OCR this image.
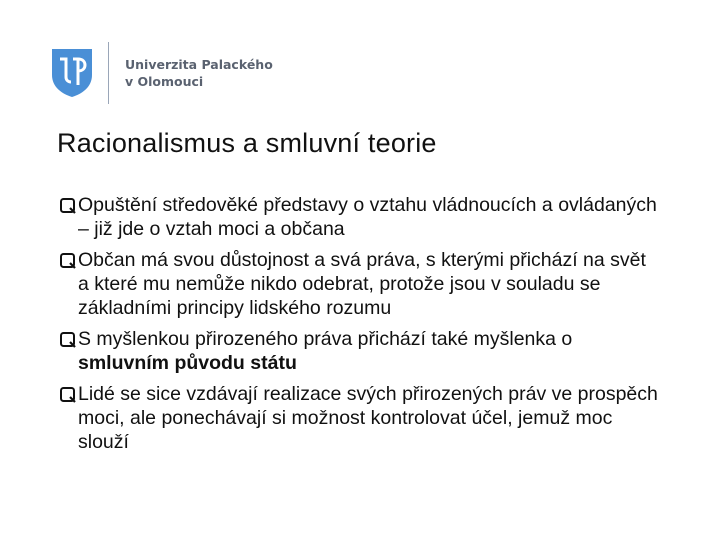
Univerzita Palackého
v Olomouci
Racionalismus a smluvní teorie
Opuštění středověké představy o vztahu vládnoucích a ovládaných – již jde o vztah moci a občana
Občan má svou důstojnost a svá práva, s kterými přichází na svět a které mu nemůže nikdo odebrat, protože jsou v souladu se základními principy lidského rozumu
S myšlenkou přirozeného práva přichází také myšlenka o smluvním původu státu
Lidé se sice vzdávají realizace svých přirozených práv ve prospěch moci, ale ponechávají si možnost kontrolovat účel, jemuž moc slouží
